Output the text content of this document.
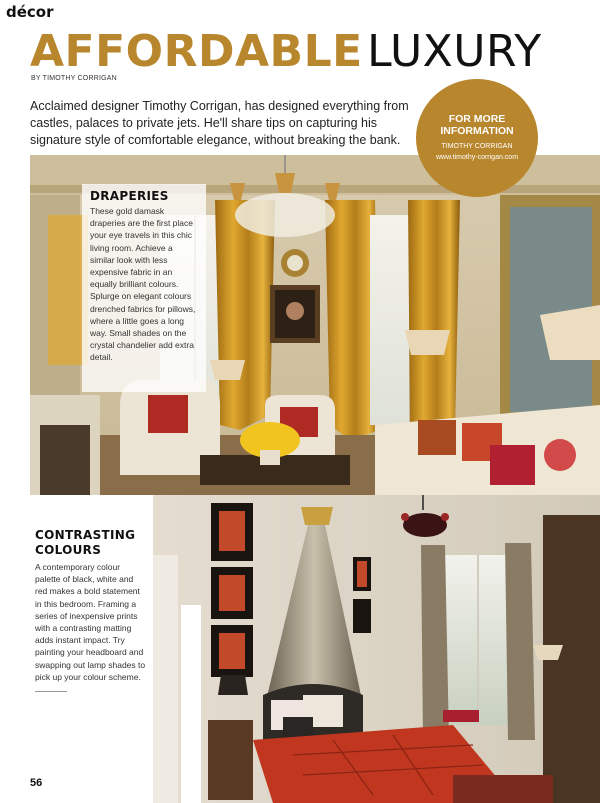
décor
AFFORDABLE LUXURY
BY TIMOTHY CORRIGAN

Acclaimed designer Timothy Corrigan, has designed everything from castles, palaces to private jets. He'll share tips on capturing his signature style of comfortable elegance, without breaking the bank.

FOR MORE INFORMATION
TIMOTHY CORRIGAN
www.timothy-corrigan.com
DRAPERIES
These gold damask draperies are the first place your eye travels in this chic living room. Achieve a similar look with less expensive fabric in an equally brilliant colours. Splurge on elegant colours drenched fabrics for pillows, where a little goes a long way. Small shades on the crystal chandelier add extra detail.
CONTRASTING COLOURS
A contemporary colour palette of black, white and red makes a bold statement in this bedroom. Framing a series of inexpensive prints with a contrasting matting adds instant impact. Try painting your headboard and swapping out lamp shades to pick up your colour scheme.
56
